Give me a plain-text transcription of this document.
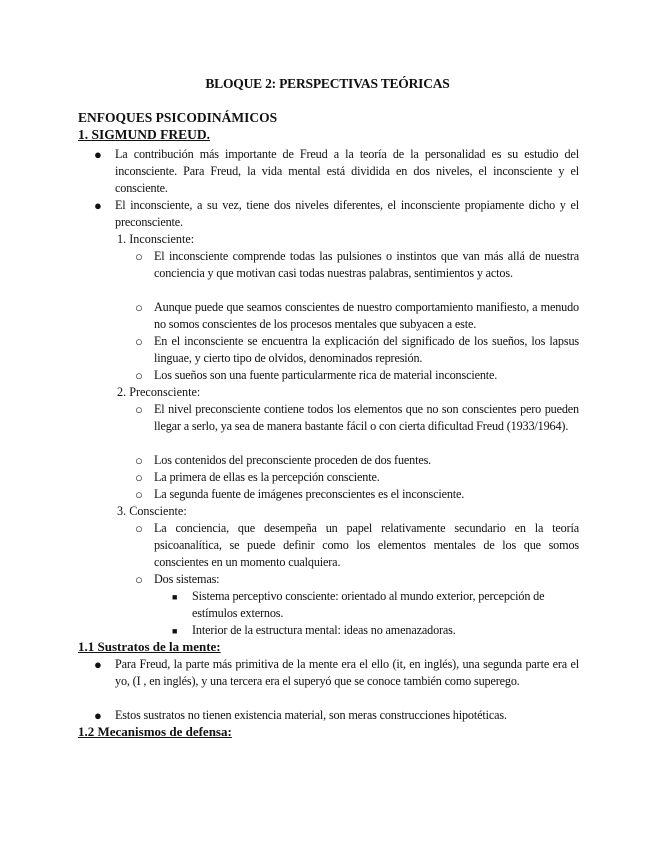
BLOQUE 2: PERSPECTIVAS TEÓRICAS
ENFOQUES PSICODINÁMICOS
1. SIGMUND FREUD.
● La contribución más importante de Freud a la teoría de la personalidad es su estudio del inconsciente. Para Freud, la vida mental está dividida en dos niveles, el inconsciente y el consciente.
● El inconsciente, a su vez, tiene dos niveles diferentes, el inconsciente propiamente dicho y el preconsciente.
1. Inconsciente:
○ El inconsciente comprende todas las pulsiones o instintos que van más allá de nuestra conciencia y que motivan casi todas nuestras palabras, sentimientos y actos.
○ Aunque puede que seamos conscientes de nuestro comportamiento manifiesto, a menudo no somos conscientes de los procesos mentales que subyacen a este.
○ En el inconsciente se encuentra la explicación del significado de los sueños, los lapsus linguae, y cierto tipo de olvidos, denominados represión.
○ Los sueños son una fuente particularmente rica de material inconsciente.
2. Preconsciente:
○ El nivel preconsciente contiene todos los elementos que no son conscientes pero pueden llegar a serlo, ya sea de manera bastante fácil o con cierta dificultad Freud (1933/1964).
○ Los contenidos del preconsciente proceden de dos fuentes.
○ La primera de ellas es la percepción consciente.
○ La segunda fuente de imágenes preconscientes es el inconsciente.
3. Consciente:
○ La conciencia, que desempeña un papel relativamente secundario en la teoría psicoanalítica, se puede definir como los elementos mentales de los que somos conscientes en un momento cualquiera.
○ Dos sistemas:
■ Sistema perceptivo consciente: orientado al mundo exterior, percepción de estímulos externos.
■ Interior de la estructura mental: ideas no amenazadoras.
1.1 Sustratos de la mente:
● Para Freud, la parte más primitiva de la mente era el ello (it, en inglés), una segunda parte era el yo, (I , en inglés), y una tercera era el superyó que se conoce también como superego.
● Estos sustratos no tienen existencia material, son meras construcciones hipotéticas.
1.2 Mecanismos de defensa:
